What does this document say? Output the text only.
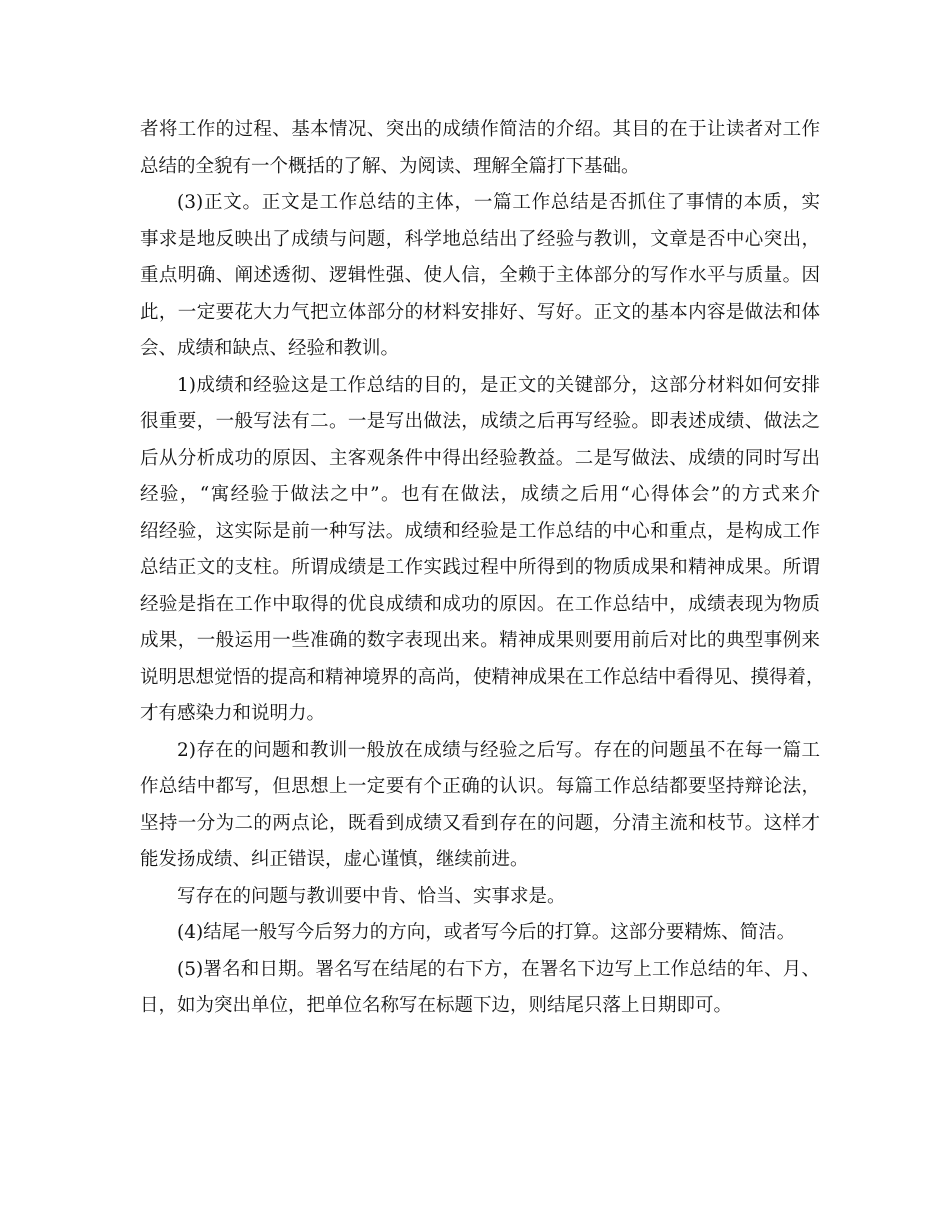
者将工作的过程、基本情况、突出的成绩作简洁的介绍。其目的在于让读者对工作
总结的全貌有一个概括的了解、为阅读、理解全篇打下基础。
(3)正文。正文是工作总结的主体，一篇工作总结是否抓住了事情的本质，实
事求是地反映出了成绩与问题，科学地总结出了经验与教训，文章是否中心突出，
重点明确、阐述透彻、逻辑性强、使人信，全赖于主体部分的写作水平与质量。因
此，一定要花大力气把立体部分的材料安排好、写好。正文的基本内容是做法和体
会、成绩和缺点、经验和教训。
1)成绩和经验这是工作总结的目的，是正文的关键部分，这部分材料如何安排
很重要，一般写法有二。一是写出做法，成绩之后再写经验。即表述成绩、做法之
后从分析成功的原因、主客观条件中得出经验教益。二是写做法、成绩的同时写出
经验，“寓经验于做法之中”。也有在做法，成绩之后用“心得体会”的方式来介
绍经验，这实际是前一种写法。成绩和经验是工作总结的中心和重点，是构成工作
总结正文的支柱。所谓成绩是工作实践过程中所得到的物质成果和精神成果。所谓
经验是指在工作中取得的优良成绩和成功的原因。在工作总结中，成绩表现为物质
成果，一般运用一些准确的数字表现出来。精神成果则要用前后对比的典型事例来
说明思想觉悟的提高和精神境界的高尚，使精神成果在工作总结中看得见、摸得着，
才有感染力和说明力。
2)存在的问题和教训一般放在成绩与经验之后写。存在的问题虽不在每一篇工
作总结中都写，但思想上一定要有个正确的认识。每篇工作总结都要坚持辩论法，
坚持一分为二的两点论，既看到成绩又看到存在的问题，分清主流和枝节。这样才
能发扬成绩、纠正错误，虚心谨慎，继续前进。
写存在的问题与教训要中肯、恰当、实事求是。
(4)结尾一般写今后努力的方向，或者写今后的打算。这部分要精炼、简洁。
(5)署名和日期。署名写在结尾的右下方，在署名下边写上工作总结的年、月、
日，如为突出单位，把单位名称写在标题下边，则结尾只落上日期即可。
